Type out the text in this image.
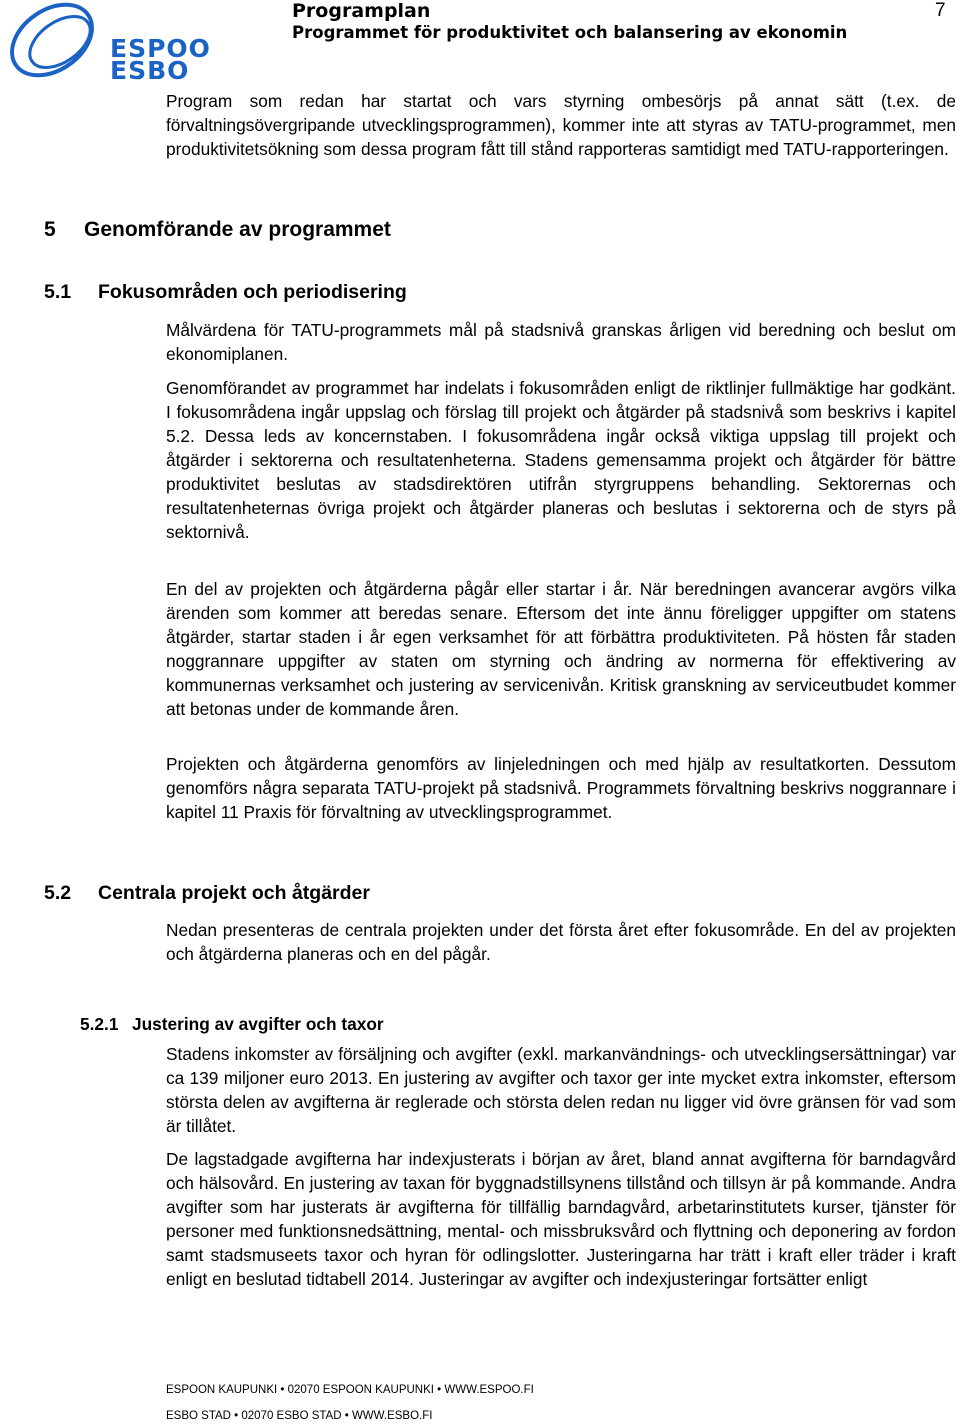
ESPOO
ESBO
Programplan
Programmet för produktivitet och balansering av ekonomin
7
Program som redan har startat och vars styrning ombesörjs på annat sätt (t.ex. de förvaltningsövergripande utvecklingsprogrammen), kommer inte att styras av TATU-programmet, men produktivitetsökning som dessa program fått till stånd rapporteras samtidigt med TATU-rapporteringen.
5 Genomförande av programmet
5.1 Fokusområden och periodisering
Målvärdena för TATU-programmets mål på stadsnivå granskas årligen vid beredning och beslut om ekonomiplanen.
Genomförandet av programmet har indelats i fokusområden enligt de riktlinjer fullmäktige har godkänt. I fokusområdena ingår uppslag och förslag till projekt och åtgärder på stadsnivå som beskrivs i kapitel 5.2. Dessa leds av koncernstaben. I fokusområdena ingår också viktiga uppslag till projekt och åtgärder i sektorerna och resultatenheterna. Stadens gemensamma projekt och åtgärder för bättre produktivitet beslutas av stadsdirektören utifrån styrgruppens behandling. Sektorernas och resultatenheternas övriga projekt och åtgärder planeras och beslutas i sektorerna och de styrs på sektornivå.
En del av projekten och åtgärderna pågår eller startar i år. När beredningen avancerar avgörs vilka ärenden som kommer att beredas senare. Eftersom det inte ännu föreligger uppgifter om statens åtgärder, startar staden i år egen verksamhet för att förbättra produktiviteten. På hösten får staden noggrannare uppgifter av staten om styrning och ändring av normerna för effektivering av kommunernas verksamhet och justering av servicenivån. Kritisk granskning av serviceutbudet kommer att betonas under de kommande åren.
Projekten och åtgärderna genomförs av linjeledningen och med hjälp av resultatkorten. Dessutom genomförs några separata TATU-projekt på stadsnivå. Programmets förvaltning beskrivs noggrannare i kapitel 11 Praxis för förvaltning av utvecklingsprogrammet.
5.2 Centrala projekt och åtgärder
Nedan presenteras de centrala projekten under det första året efter fokusområde. En del av projekten och åtgärderna planeras och en del pågår.
5.2.1 Justering av avgifter och taxor
Stadens inkomster av försäljning och avgifter (exkl. markanvändnings- och utvecklingsersättningar) var ca 139 miljoner euro 2013. En justering av avgifter och taxor ger inte mycket extra inkomster, eftersom största delen av avgifterna är reglerade och största delen redan nu ligger vid övre gränsen för vad som är tillåtet.
De lagstadgade avgifterna har indexjusterats i början av året, bland annat avgifterna för barndagvård och hälsovård. En justering av taxan för byggnadstillsynens tillstånd och tillsyn är på kommande. Andra avgifter som har justerats är avgifterna för tillfällig barndagvård, arbetarinstitutets kurser, tjänster för personer med funktionsnedsättning, mental- och missbruksvård och flyttning och deponering av fordon samt stadsmuseets taxor och hyran för odlingslotter. Justeringarna har trätt i kraft eller träder i kraft enligt en beslutad tidtabell 2014. Justeringar av avgifter och indexjusteringar fortsätter enligt
ESPOON KAUPUNKI • 02070 ESPOON KAUPUNKI • WWW.ESPOO.FI
ESBO STAD • 02070 ESBO STAD • WWW.ESBO.FI
